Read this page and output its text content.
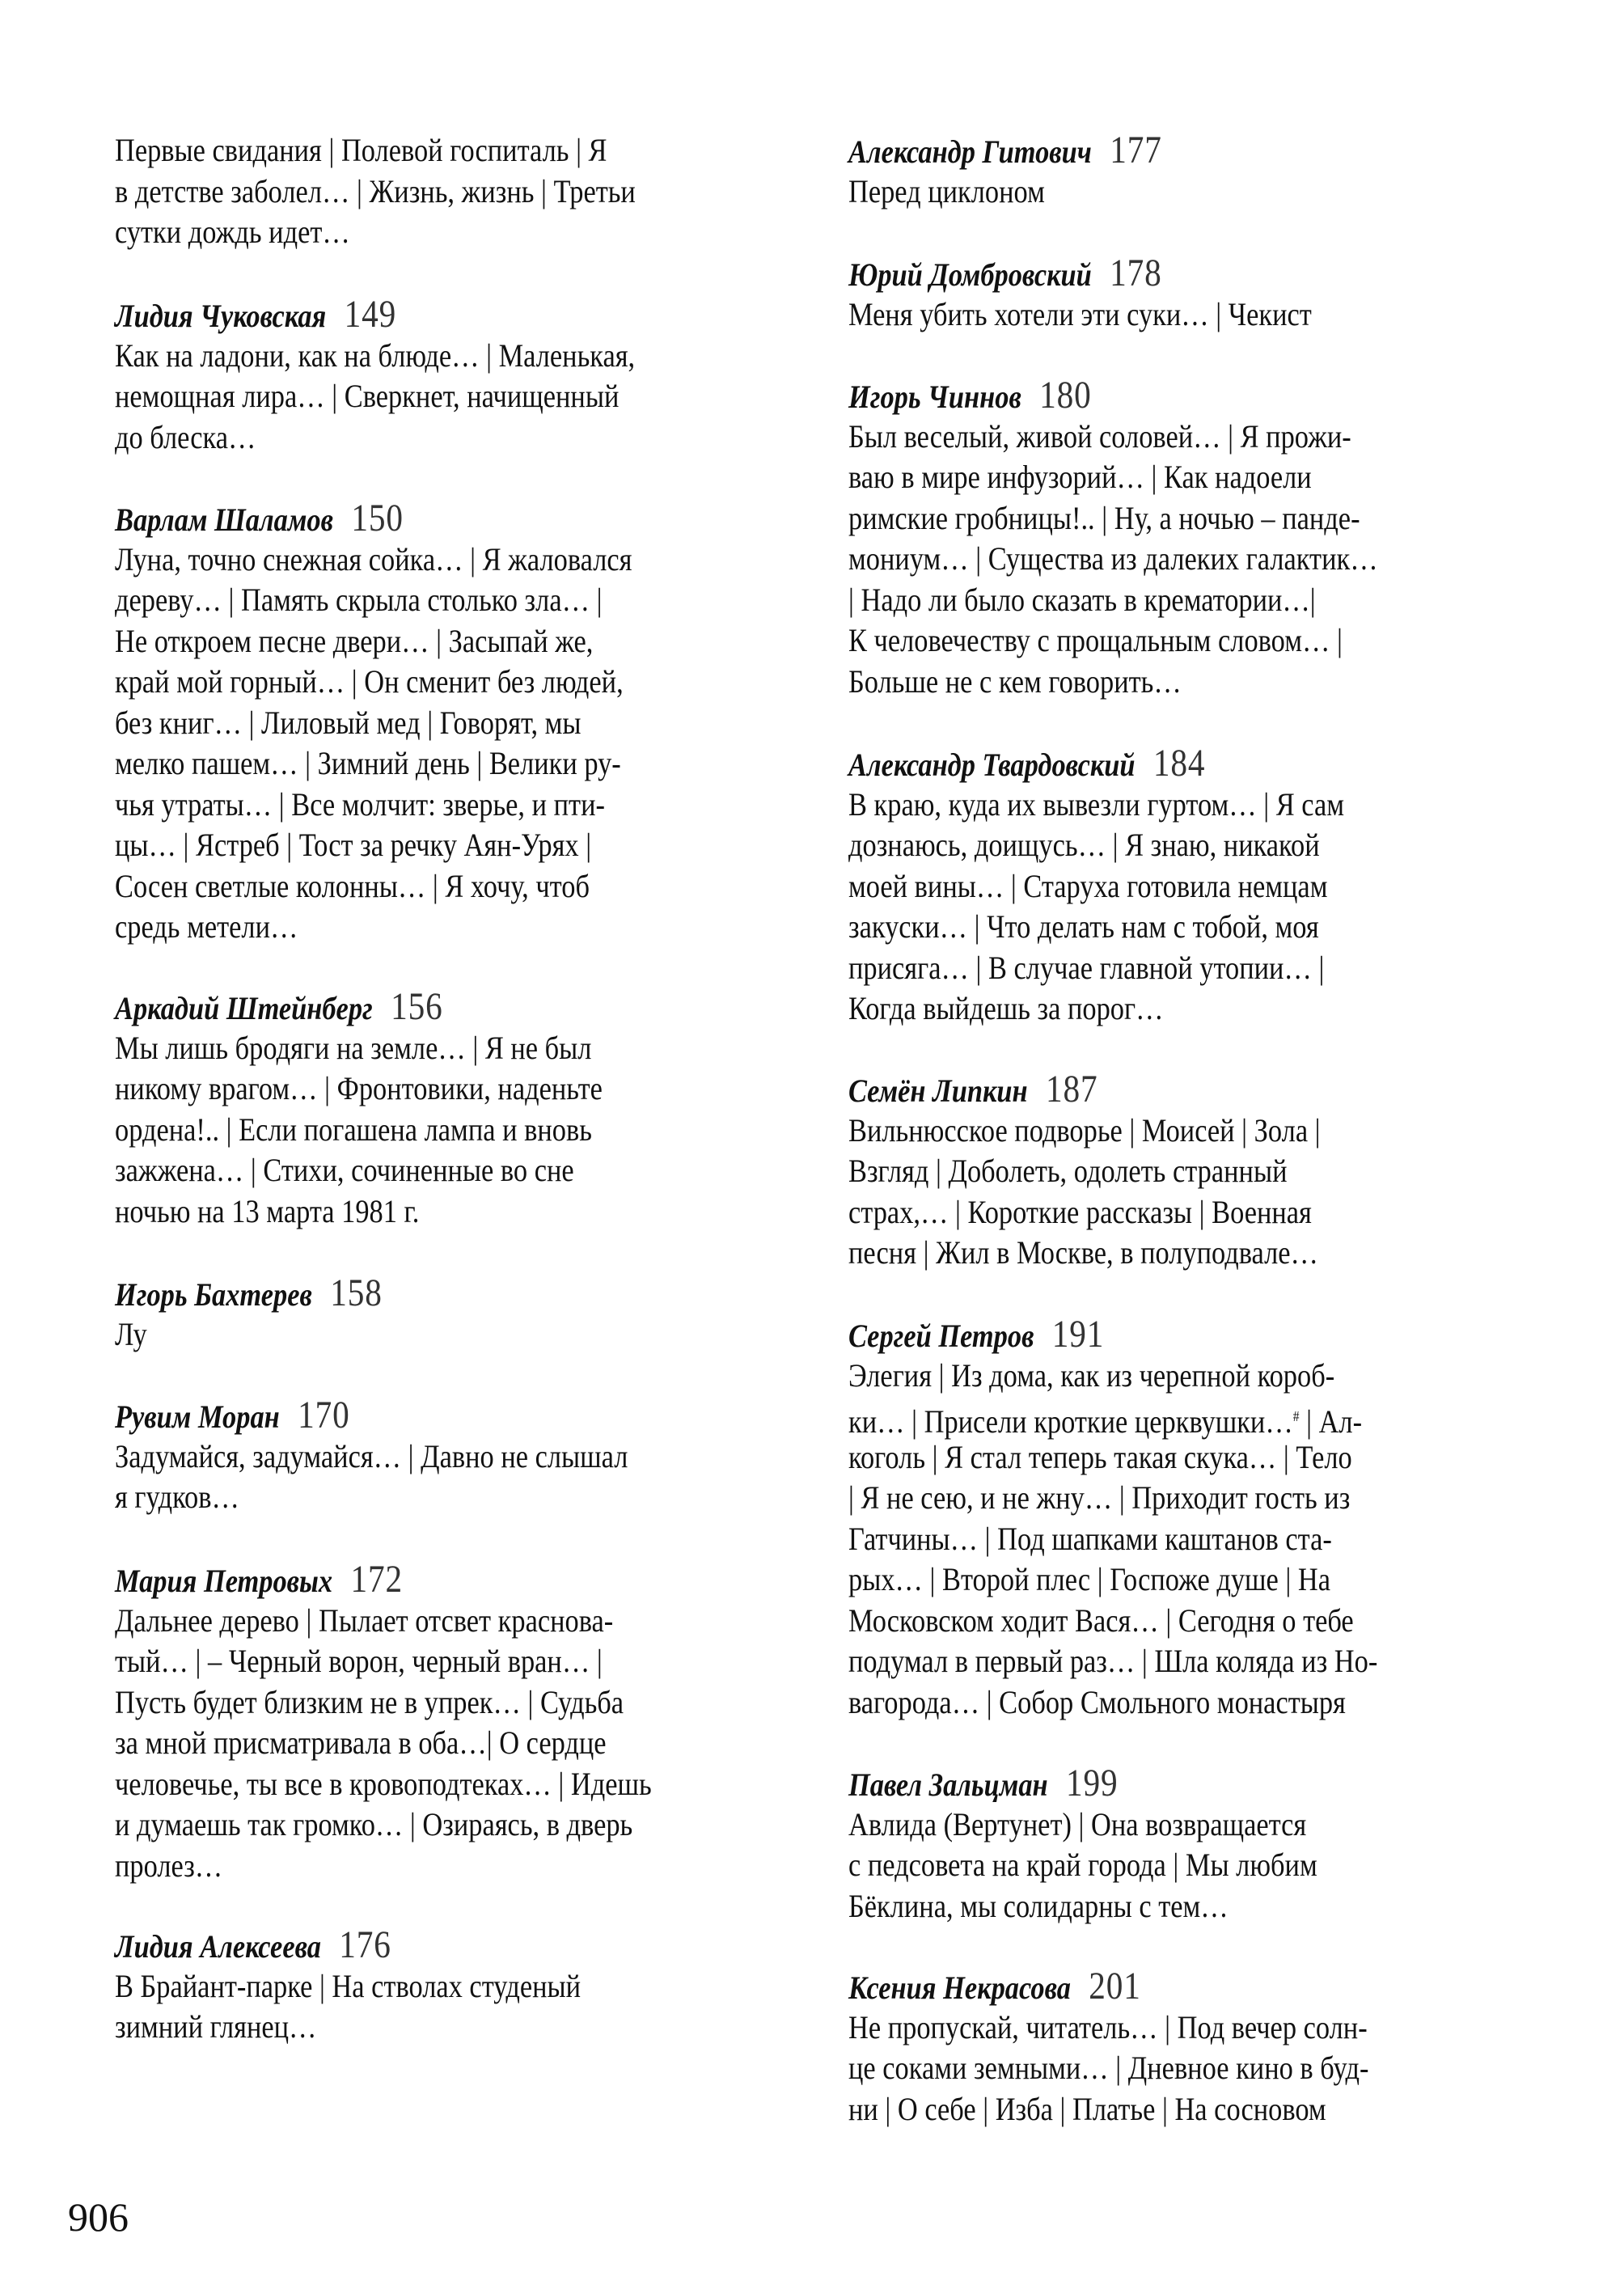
Первые свидания | Полевой госпиталь | Я
в детстве заболел… | Жизнь, жизнь | Третьи
сутки дождь идет…
Лидия Чуковская 149
Как на ладони, как на блюде… | Маленькая,
немощная лира… | Сверкнет, начищенный
до блеска…
Варлам Шаламов 150
Луна, точно снежная сойка… | Я жаловался
дереву… | Память скрыла столько зла… |
Не откроем песне двери… | Засыпай же,
край мой горный… | Он сменит без людей,
без книг… | Лиловый мед | Говорят, мы
мелко пашем… | Зимний день | Велики ру-
чья утраты… | Все молчит: зверье, и пти-
цы… | Ястреб | Тост за речку Аян-Урях |
Сосен светлые колонны… | Я хочу, чтоб
средь метели…
Аркадий Штейнберг 156
Мы лишь бродяги на земле… | Я не был
никому врагом… | Фронтовики, наденьте
ордена!.. | Если погашена лампа и вновь
зажжена… | Стихи, сочиненные во сне
ночью на 13 марта 1981 г.
Игорь Бахтерев 158
Лу
Рувим Моран 170
Задумайся, задумайся… | Давно не слышал
я гудков…
Мария Петровых 172
Дальнее дерево | Пылает отсвет краснова-
тый… | – Черный ворон, черный вран… |
Пусть будет близким не в упрек… | Судьба
за мной присматривала в оба…| О сердце
человечье, ты все в кровоподтеках… | Идешь
и думаешь так громко… | Озираясь, в дверь
пролез…
Лидия Алексеева 176
В Брайант-парке | На стволах студеный
зимний глянец…
Александр Гитович 177
Перед циклоном
Юрий Домбровский 178
Меня убить хотели эти суки… | Чекист
Игорь Чиннов 180
Был веселый, живой соловей… | Я прожи-
ваю в мире инфузорий… | Как надоели
римские гробницы!.. | Ну, а ночью – панде-
мониум… | Существа из далеких галактик…
| Надо ли было сказать в крематории…|
К человечеству с прощальным словом… |
Больше не с кем говорить…
Александр Твардовский 184
В краю, куда их вывезли гуртом… | Я сам
дознаюсь, доищусь… | Я знаю, никакой
моей вины… | Старуха готовила немцам
закуски… | Что делать нам с тобой, моя
присяга… | В случае главной утопии… |
Когда выйдешь за порог…
Семён Липкин 187
Вильнюсское подворье | Моисей | Зола |
Взгляд | Доболеть, одолеть странный
страх,… | Короткие рассказы | Военная
песня | Жил в Москве, в полуподвале…
Сергей Петров 191
Элегия | Из дома, как из черепной короб-
ки… | Присели кроткие церквушки…# | Ал-
коголь | Я стал теперь такая скука… | Тело
| Я не сею, и не жну… | Приходит гость из
Гатчины… | Под шапками каштанов ста-
рых… | Второй плес | Госпоже душе | На
Московском ходит Вася… | Сегодня о тебе
подумал в первый раз… | Шла коляда из Но-
вагорода… | Собор Смольного монастыря
Павел Зальцман 199
Авлида (Вертунет) | Она возвращается
с педсовета на край города | Мы любим
Бёклина, мы солидарны с тем…
Ксения Некрасова 201
Не пропускай, читатель… | Под вечер солн-
це соками земными… | Дневное кино в буд-
ни | О себе | Изба | Платье | На сосновом
906
